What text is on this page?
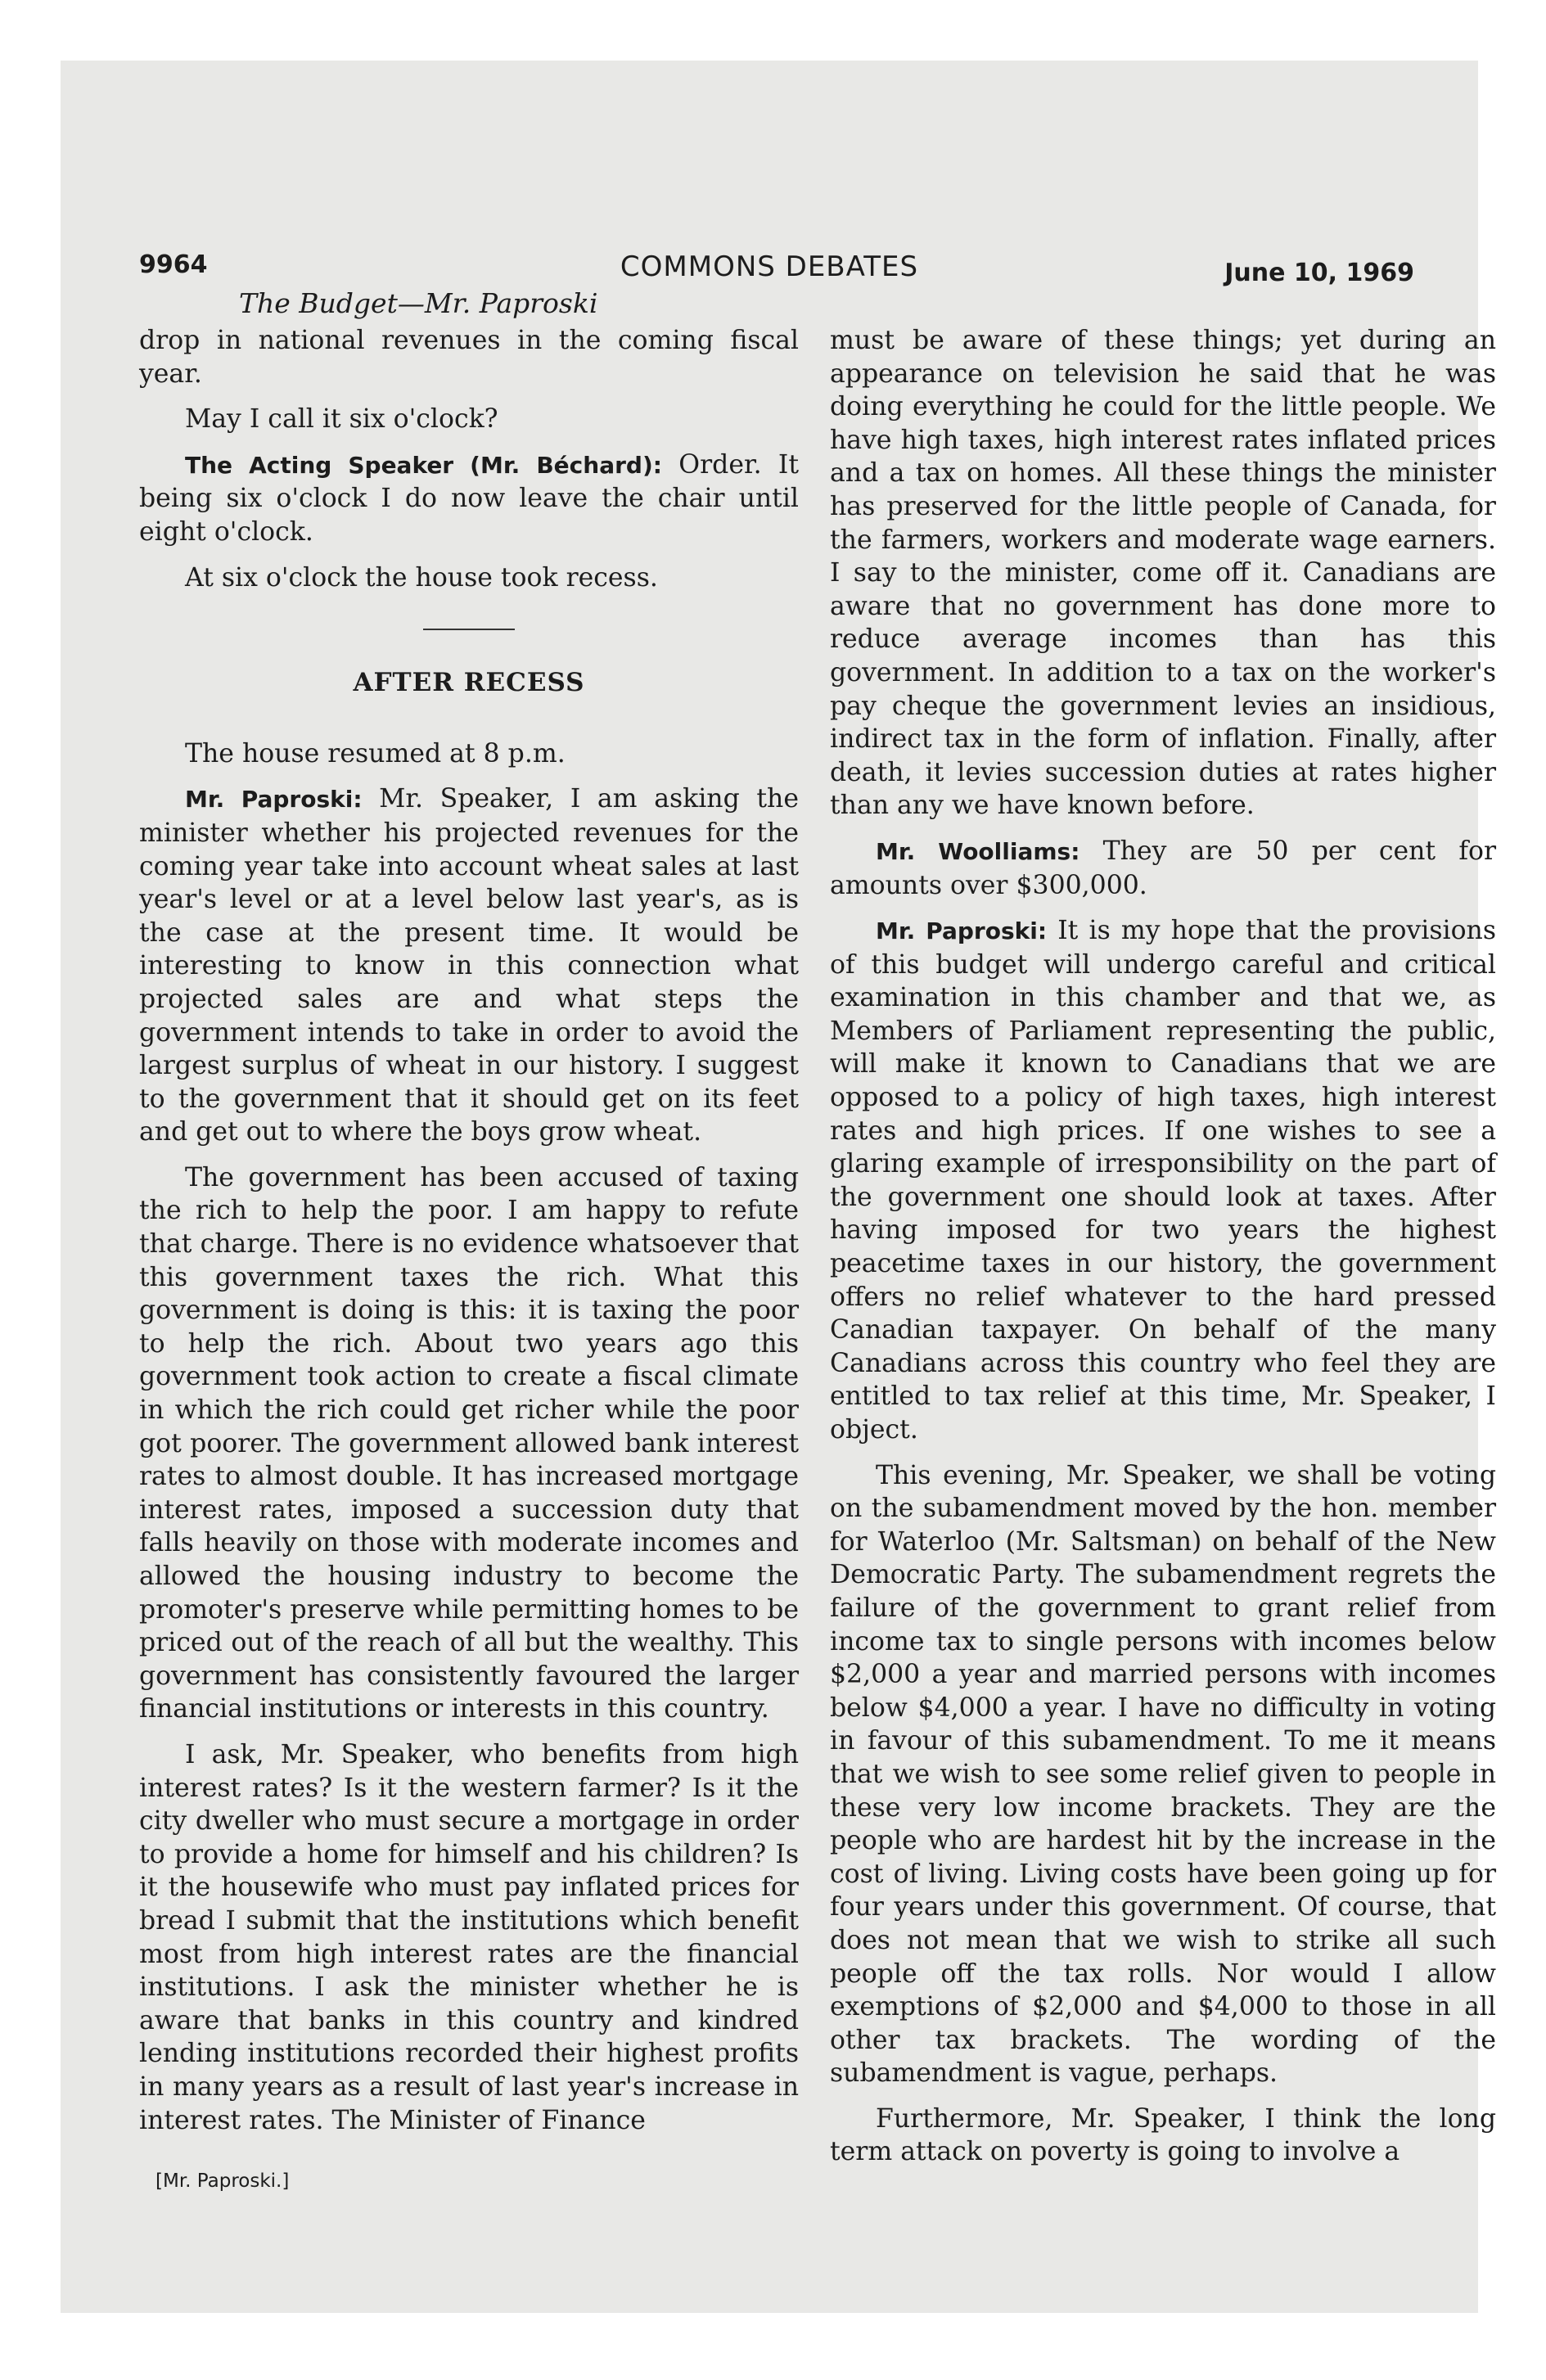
9964	COMMONS DEBATES	June 10, 1969
The Budget—Mr. Paproski

drop in national revenues in the coming fiscal year.

May I call it six o'clock?

The Acting Speaker (Mr. Béchard): Order. It being six o'clock I do now leave the chair until eight o'clock.

At six o'clock the house took recess.

AFTER RECESS

The house resumed at 8 p.m.

Mr. Paproski: Mr. Speaker, I am asking the minister whether his projected revenues for the coming year take into account wheat sales at last year's level or at a level below last year's, as is the case at the present time. It would be interesting to know in this connection what projected sales are and what steps the government intends to take in order to avoid the largest surplus of wheat in our history. I suggest to the government that it should get on its feet and get out to where the boys grow wheat.

The government has been accused of taxing the rich to help the poor. I am happy to refute that charge. There is no evidence whatsoever that this government taxes the rich. What this government is doing is this: it is taxing the poor to help the rich. About two years ago this government took action to create a fiscal climate in which the rich could get richer while the poor got poorer. The government allowed bank interest rates to almost double. It has increased mortgage interest rates, imposed a succession duty that falls heavily on those with moderate incomes and allowed the housing industry to become the promoter's preserve while permitting homes to be priced out of the reach of all but the wealthy. This government has consistently favoured the larger financial institutions or interests in this country.

I ask, Mr. Speaker, who benefits from high interest rates? Is it the western farmer? Is it the city dweller who must secure a mortgage in order to provide a home for himself and his children? Is it the housewife who must pay inflated prices for bread I submit that the institutions which benefit most from high interest rates are the financial institutions. I ask the minister whether he is aware that banks in this country and kindred lending institutions recorded their highest profits in many years as a result of last year's increase in interest rates. The Minister of Finance

must be aware of these things; yet during an appearance on television he said that he was doing everything he could for the little people. We have high taxes, high interest rates inflated prices and a tax on homes. All these things the minister has preserved for the little people of Canada, for the farmers, workers and moderate wage earners. I say to the minister, come off it. Canadians are aware that no government has done more to reduce average incomes than has this government. In addition to a tax on the worker's pay cheque the government levies an insidious, indirect tax in the form of inflation. Finally, after death, it levies succession duties at rates higher than any we have known before.

Mr. Woolliams: They are 50 per cent for amounts over $300,000.

Mr. Paproski: It is my hope that the provisions of this budget will undergo careful and critical examination in this chamber and that we, as Members of Parliament representing the public, will make it known to Canadians that we are opposed to a policy of high taxes, high interest rates and high prices. If one wishes to see a glaring example of irresponsibility on the part of the government one should look at taxes. After having imposed for two years the highest peacetime taxes in our history, the government offers no relief whatever to the hard pressed Canadian taxpayer. On behalf of the many Canadians across this country who feel they are entitled to tax relief at this time, Mr. Speaker, I object.

This evening, Mr. Speaker, we shall be voting on the subamendment moved by the hon. member for Waterloo (Mr. Saltsman) on behalf of the New Democratic Party. The subamendment regrets the failure of the government to grant relief from income tax to single persons with incomes below $2,000 a year and married persons with incomes below $4,000 a year. I have no difficulty in voting in favour of this subamendment. To me it means that we wish to see some relief given to people in these very low income brackets. They are the people who are hardest hit by the increase in the cost of living. Living costs have been going up for four years under this government. Of course, that does not mean that we wish to strike all such people off the tax rolls. Nor would I allow exemptions of $2,000 and $4,000 to those in all other tax brackets. The wording of the subamendment is vague, perhaps.

Furthermore, Mr. Speaker, I think the long term attack on poverty is going to involve a

[Mr. Paproski.]
